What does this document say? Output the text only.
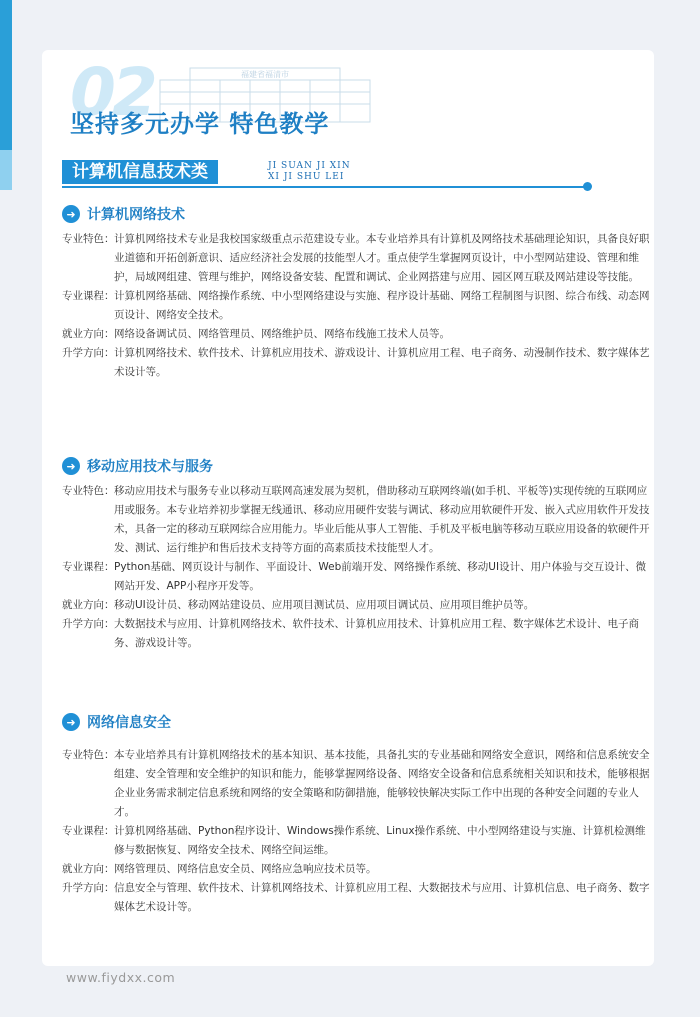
02	福建省福清市
坚持多元办学 特色教学
计算机信息技术类	JI SUAN JI XIN
XI JI SHU LEI
➜ 计算机网络技术
专业特色： 计算机网络技术专业是我校国家级重点示范建设专业。本专业培养具有计算机及网络技术基础理论知识，具备良好职业道德和开拓创新意识、适应经济社会发展的技能型人才。重点使学生掌握网页设计，中小型网站建设、管理和维护，局域网组建、管理与维护，网络设备安装、配置和调试、企业网搭建与应用、园区网互联及网站建设等技能。
专业课程： 计算机网络基础、网络操作系统、中小型网络建设与实施、程序设计基础、网络工程制图与识图、综合布线、动态网页设计、网络安全技术。
就业方向： 网络设备调试员、网络管理员、网络维护员、网络布线施工技术人员等。
升学方向： 计算机网络技术、软件技术、计算机应用技术、游戏设计、计算机应用工程、电子商务、动漫制作技术、数字媒体艺术设计等。
➜ 移动应用技术与服务
专业特色： 移动应用技术与服务专业以移动互联网高速发展为契机，借助移动互联网终端(如手机、平板等)实现传统的互联网应用或服务。本专业培养初步掌握无线通讯、移动应用硬件安装与调试、移动应用软硬件开发、嵌入式应用软件开发技术，具备一定的移动互联网综合应用能力。毕业后能从事人工智能、手机及平板电脑等移动互联应用设备的软硬件开发、测试、运行维护和售后技术支持等方面的高素质技术技能型人才。
专业课程： Python基础、网页设计与制作、平面设计、Web前端开发、网络操作系统、移动UI设计、用户体验与交互设计、微网站开发、APP小程序开发等。
就业方向： 移动UI设计员、移动网站建设员、应用项目测试员、应用项目调试员、应用项目维护员等。
升学方向： 大数据技术与应用、计算机网络技术、软件技术、计算机应用技术、计算机应用工程、数字媒体艺术设计、电子商务、游戏设计等。
➜ 网络信息安全
专业特色： 本专业培养具有计算机网络技术的基本知识、基本技能，具备扎实的专业基础和网络安全意识，网络和信息系统安全组建、安全管理和安全维护的知识和能力，能够掌握网络设备、网络安全设备和信息系统相关知识和技术，能够根据企业业务需求制定信息系统和网络的安全策略和防御措施，能够较快解决实际工作中出现的各种安全问题的专业人才。
专业课程： 计算机网络基础、Python程序设计、Windows操作系统、Linux操作系统、中小型网络建设与实施、计算机检测维修与数据恢复、网络安全技术、网络空间运维。
就业方向： 网络管理员、网络信息安全员、网络应急响应技术员等。
升学方向： 信息安全与管理、软件技术、计算机网络技术、计算机应用工程、大数据技术与应用、计算机信息、电子商务、数字媒体艺术设计等。
www.fiydxx.com
